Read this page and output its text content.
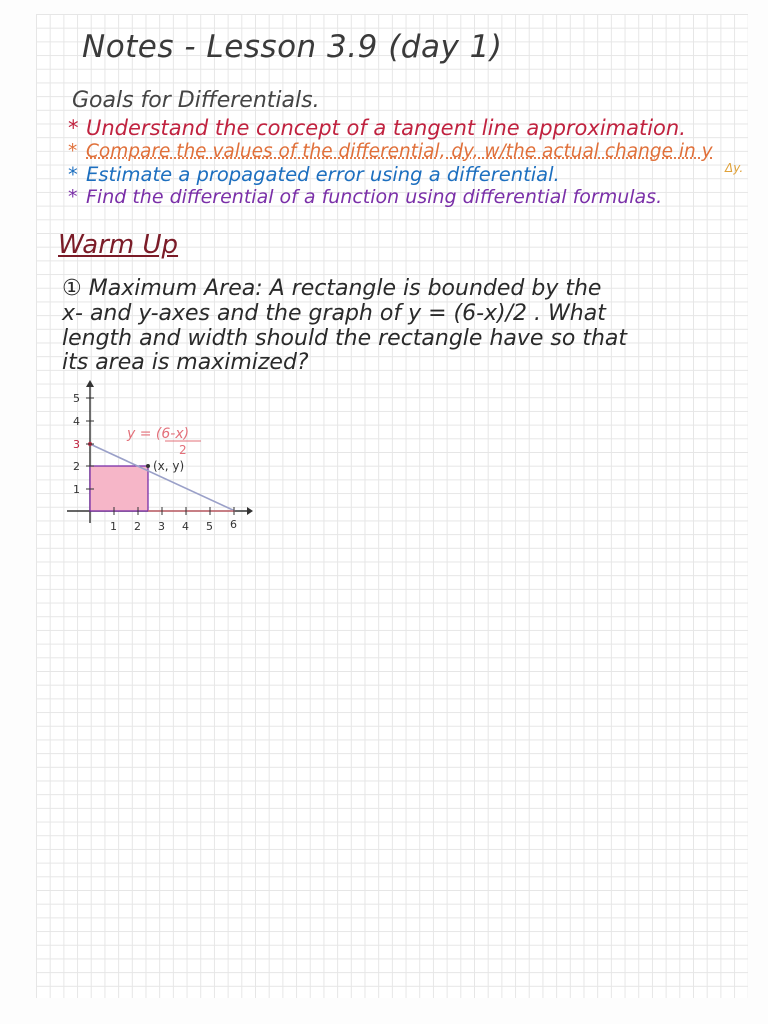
Notes - Lesson 3.9 (day 1)
Goals for Differentials.
* Understand the concept of a tangent line approximation.
* Compare the values of the differential, dy, w/the actual change in y
Δy.
* Estimate a propagated error using a differential.
* Find the differential of a function using differential formulas.
Warm Up
① Maximum Area: A rectangle is bounded by the
x- and y-axes and the graph of y = (6-x)/2 . What
length and width should the rectangle have so that
its area is maximized?
1 2 3 4 5 6
1
2
3
4
5
y = (6-x)
2
(x, y)
